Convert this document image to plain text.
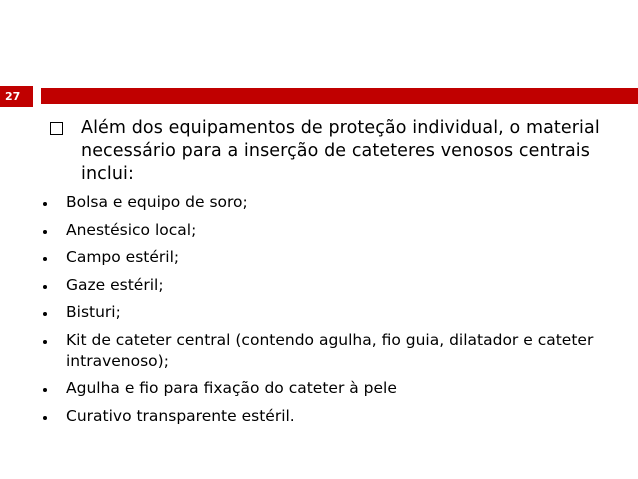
27
Além dos equipamentos de proteção individual, o material necessário para a inserção de cateteres venosos centrais inclui:
Bolsa e equipo de soro;
Anestésico local;
Campo estéril;
Gaze estéril;
Bisturi;
Kit de cateter central (contendo agulha, fio guia, dilatador e cateter intravenoso);
Agulha e fio para fixação do cateter à pele
Curativo transparente estéril.
